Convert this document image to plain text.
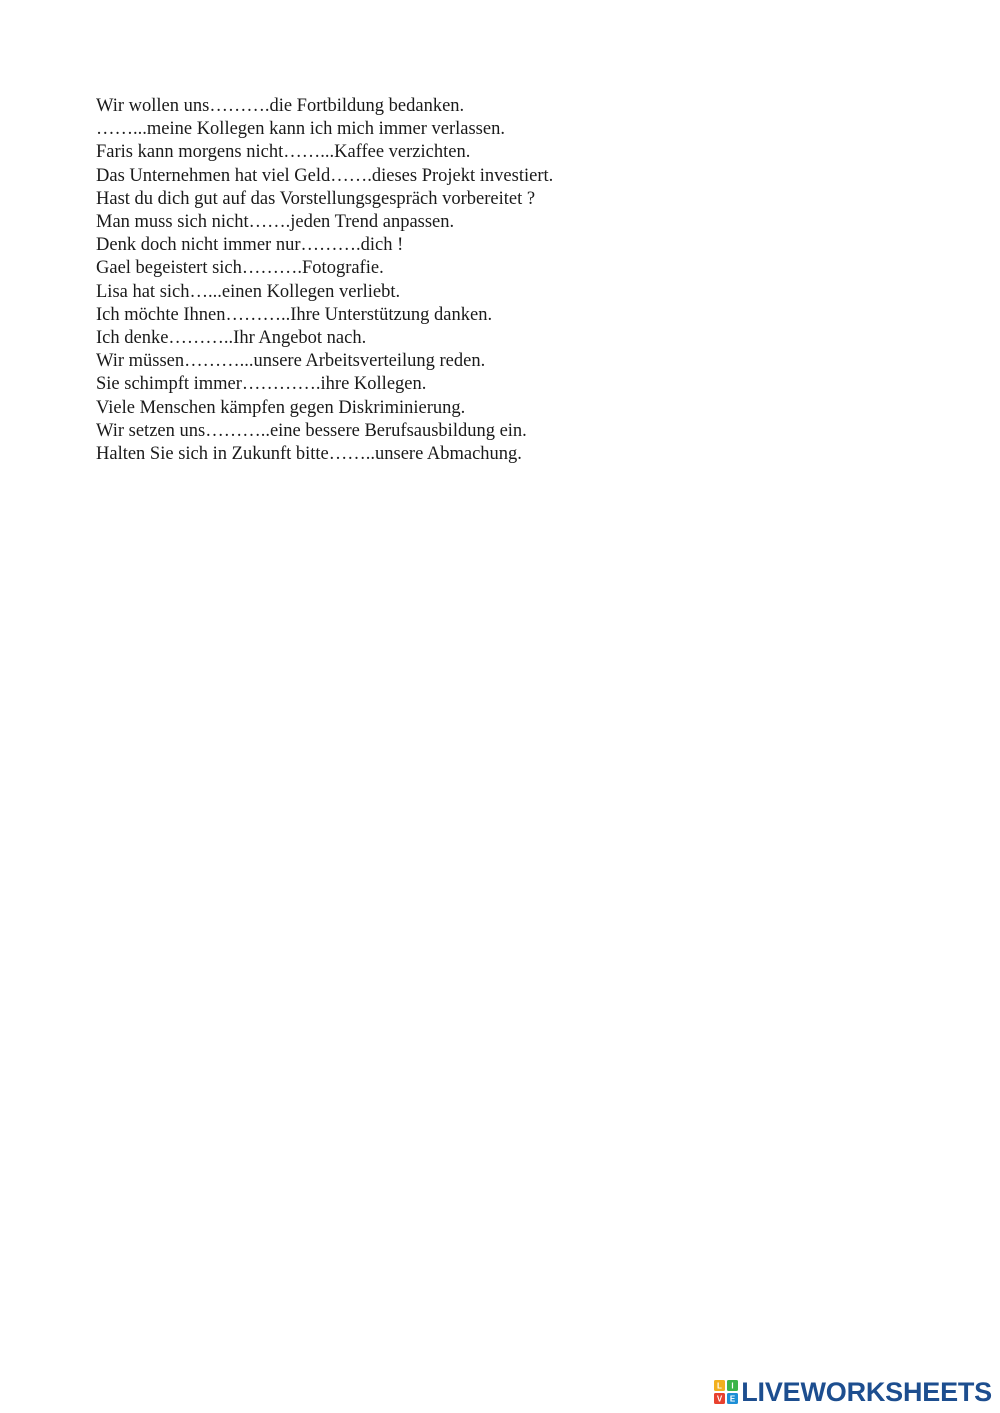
Wir wollen uns……….die Fortbildung bedanken.
……...meine Kollegen kann ich mich immer verlassen.
Faris kann morgens nicht……...Kaffee verzichten.
Das Unternehmen hat viel Geld…….dieses Projekt investiert.
Hast du dich gut auf das Vorstellungsgespräch vorbereitet ?
Man muss sich nicht…….jeden Trend anpassen.
Denk doch nicht immer nur……….dich !
Gael begeistert sich……….Fotografie.
Lisa hat sich…...einen Kollegen verliebt.
Ich möchte Ihnen………..Ihre Unterstützung danken.
Ich denke………..Ihr Angebot nach.
Wir müssen………...unsere Arbeitsverteilung reden.
Sie schimpft immer………….ihre Kollegen.
Viele Menschen kämpfen gegen Diskriminierung.
Wir setzen uns………..eine bessere Berufsausbildung ein.
Halten Sie sich in Zukunft bitte……..unsere Abmachung.
L I
V E LIVEWORKSHEETS
